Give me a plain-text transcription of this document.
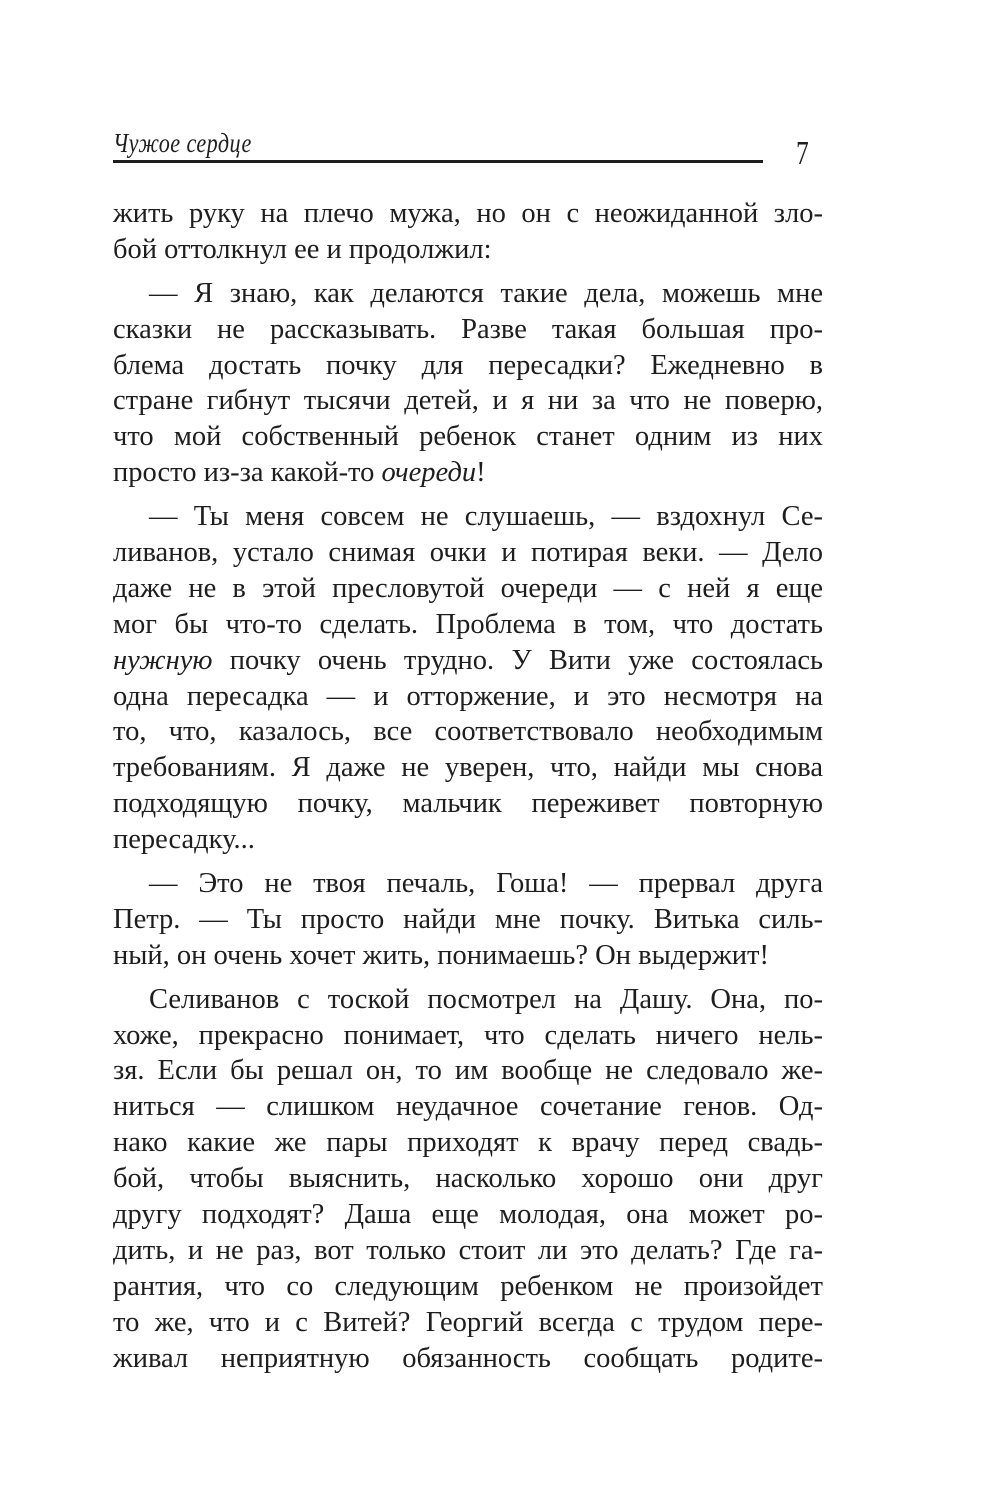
Чужое сердце	7
жить руку на плечо мужа, но он с неожиданной зло-
бой оттолкнул ее и продолжил:
— Я знаю, как делаются такие дела, можешь мне
сказки не рассказывать. Разве такая большая про-
блема достать почку для пересадки? Ежедневно в
стране гибнут тысячи детей, и я ни за что не поверю,
что мой собственный ребенок станет одним из них
просто из-за какой-то очереди!
— Ты меня совсем не слушаешь, — вздохнул Се-
ливанов, устало снимая очки и потирая веки. — Дело
даже не в этой пресловутой очереди — с ней я еще
мог бы что-то сделать. Проблема в том, что достать
нужную почку очень трудно. У Вити уже состоялась
одна пересадка — и отторжение, и это несмотря на
то, что, казалось, все соответствовало необходимым
требованиям. Я даже не уверен, что, найди мы снова
подходящую почку, мальчик переживет повторную
пересадку...
— Это не твоя печаль, Гоша! — прервал друга
Петр. — Ты просто найди мне почку. Витька силь-
ный, он очень хочет жить, понимаешь? Он выдержит!
Селиванов с тоской посмотрел на Дашу. Она, по-
хоже, прекрасно понимает, что сделать ничего нель-
зя. Если бы решал он, то им вообще не следовало же-
ниться — слишком неудачное сочетание генов. Од-
нако какие же пары приходят к врачу перед свадь-
бой, чтобы выяснить, насколько хорошо они друг
другу подходят? Даша еще молодая, она может ро-
дить, и не раз, вот только стоит ли это делать? Где га-
рантия, что со следующим ребенком не произойдет
то же, что и с Витей? Георгий всегда с трудом пере-
живал неприятную обязанность сообщать родите-
